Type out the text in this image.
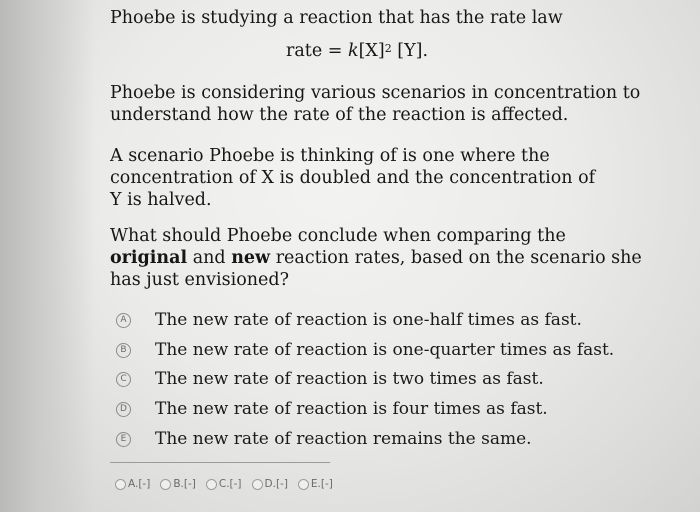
Phoebe is studying a reaction that has the rate law
rate = $k[X]^2$ [Y].
Phoebe is considering various scenarios in concentration to
understand how the rate of the reaction is affected.
A scenario Phoebe is thinking of is one where the
concentration of X is doubled and the concentration of
Y is halved.
What should Phoebe conclude when comparing the
original and new reaction rates, based on the scenario she
has just envisioned?
A The new rate of reaction is one-half times as fast.
B The new rate of reaction is one-quarter times as fast.
C The new rate of reaction is two times as fast.
D The new rate of reaction is four times as fast.
E The new rate of reaction remains the same.
A.[-] B.[-] C.[-] D.[-] E.[-]
